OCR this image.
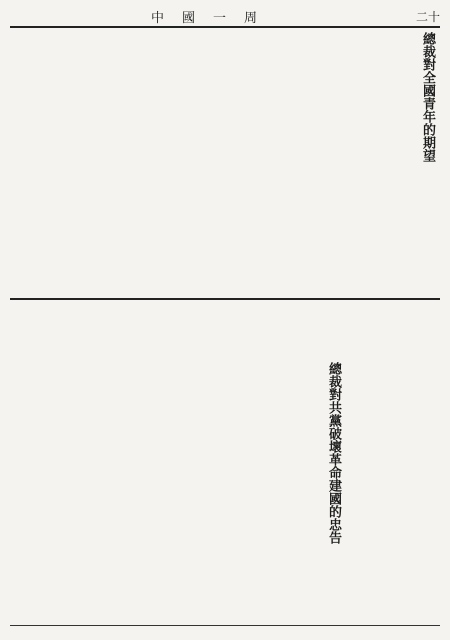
中國一周	二十
總裁對全國青年的期望
總裁對共黨破壞革命建國的忠告
